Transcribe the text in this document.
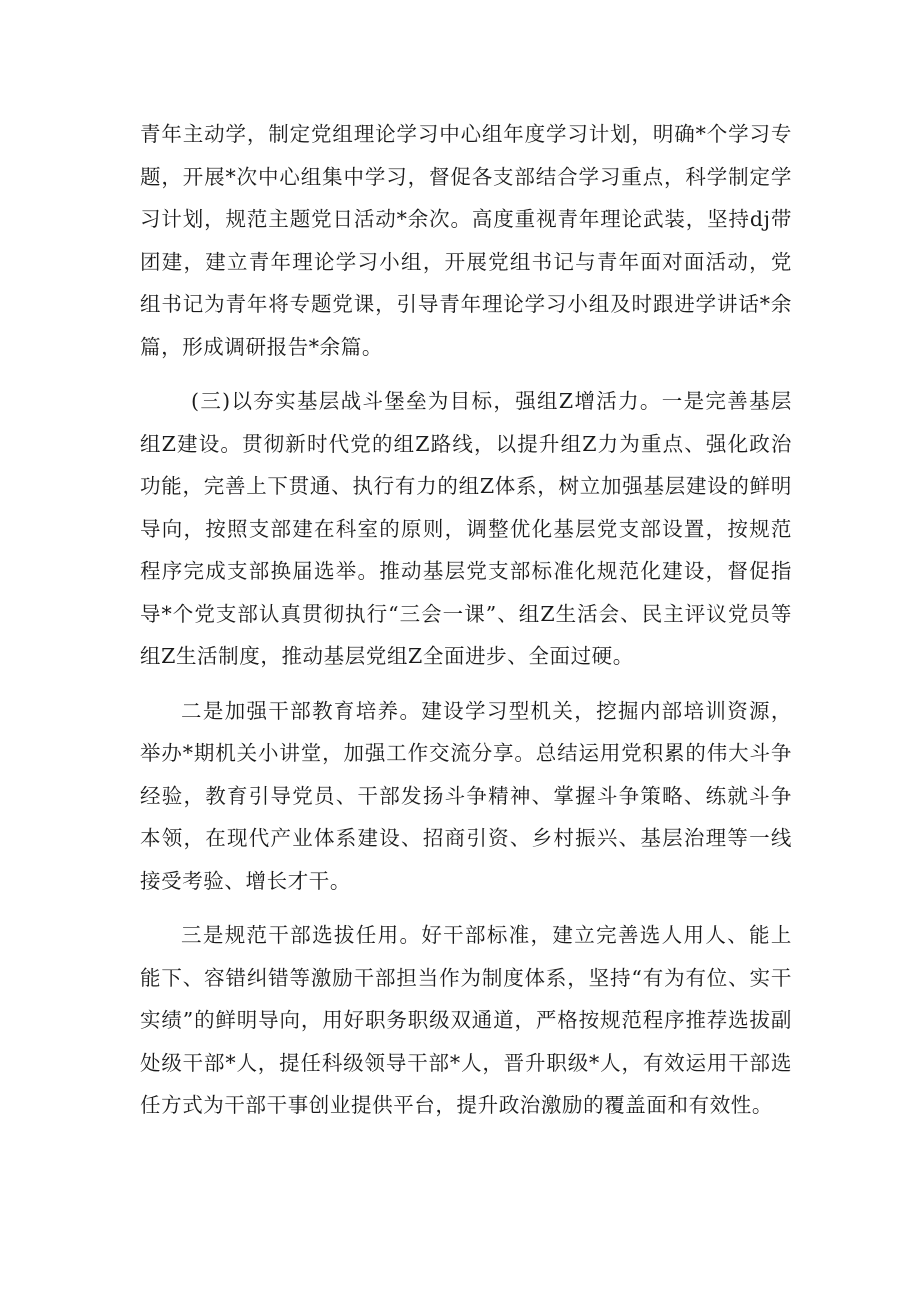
青年主动学，制定党组理论学习中心组年度学习计划，明确*个学习专题，开展*次中心组集中学习，督促各支部结合学习重点，科学制定学习计划，规范主题党日活动*余次。高度重视青年理论武装，坚持dj带团建，建立青年理论学习小组，开展党组书记与青年面对面活动，党组书记为青年将专题党课，引导青年理论学习小组及时跟进学讲话*余篇，形成调研报告*余篇。

(三)以夯实基层战斗堡垒为目标，强组Z增活力。一是完善基层组Z建设。贯彻新时代党的组Z路线，以提升组Z力为重点、强化政治功能，完善上下贯通、执行有力的组Z体系，树立加强基层建设的鲜明导向，按照支部建在科室的原则，调整优化基层党支部设置，按规范程序完成支部换届选举。推动基层党支部标准化规范化建设，督促指导*个党支部认真贯彻执行“三会一课”、组Z生活会、民主评议党员等组Z生活制度，推动基层党组Z全面进步、全面过硬。

二是加强干部教育培养。建设学习型机关，挖掘内部培训资源，举办*期机关小讲堂，加强工作交流分享。总结运用党积累的伟大斗争经验，教育引导党员、干部发扬斗争精神、掌握斗争策略、练就斗争本领，在现代产业体系建设、招商引资、乡村振兴、基层治理等一线接受考验、增长才干。

三是规范干部选拔任用。好干部标准，建立完善选人用人、能上能下、容错纠错等激励干部担当作为制度体系，坚持“有为有位、实干实绩”的鲜明导向，用好职务职级双通道，严格按规范程序推荐选拔副处级干部*人，提任科级领导干部*人，晋升职级*人，有效运用干部选任方式为干部干事创业提供平台，提升政治激励的覆盖面和有效性。
